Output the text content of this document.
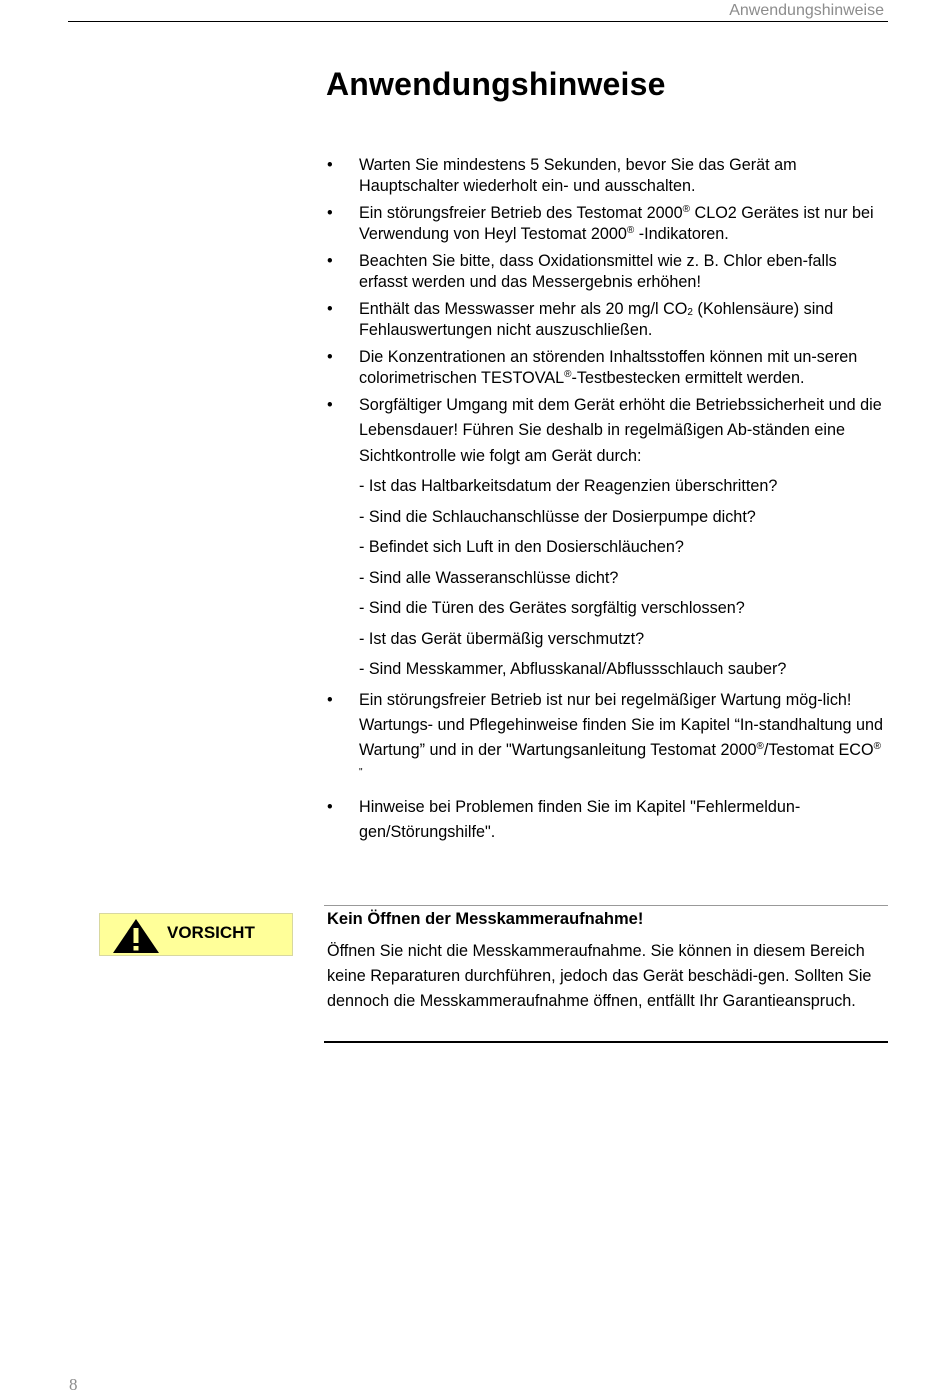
Anwendungshinweise
Anwendungshinweise
• Warten Sie mindestens 5 Sekunden, bevor Sie das Gerät am Hauptschalter wiederholt ein- und ausschalten.
• Ein störungsfreier Betrieb des Testomat 2000® CLO2 Gerätes ist nur bei Verwendung von Heyl Testomat 2000® -Indikatoren.
• Beachten Sie bitte, dass Oxidationsmittel wie z. B. Chlor eben-falls erfasst werden und das Messergebnis erhöhen!
• Enthält das Messwasser mehr als 20 mg/l $CO_2$ (Kohlensäure) sind Fehlauswertungen nicht auszuschließen.
• Die Konzentrationen an störenden Inhaltsstoffen können mit un-seren colorimetrischen TESTOVAL®-Testbestecken ermittelt werden.
• Sorgfältiger Umgang mit dem Gerät erhöht die Betriebssicherheit und die Lebensdauer! Führen Sie deshalb in regelmäßigen Ab-ständen eine Sichtkontrolle wie folgt am Gerät durch:
- Ist das Haltbarkeitsdatum der Reagenzien überschritten?
- Sind die Schlauchanschlüsse der Dosierpumpe dicht?
- Befindet sich Luft in den Dosierschläuchen?
- Sind alle Wasseranschlüsse dicht?
- Sind die Türen des Gerätes sorgfältig verschlossen?
- Ist das Gerät übermäßig verschmutzt?
- Sind Messkammer, Abflusskanal/Abflussschlauch sauber?
• Ein störungsfreier Betrieb ist nur bei regelmäßiger Wartung mög-lich! Wartungs- und Pflegehinweise finden Sie im Kapitel “In-standhaltung und Wartung” und in der "Wartungsanleitung Testomat 2000®/Testomat ECO® "
• Hinweise bei Problemen finden Sie im Kapitel "Fehlermeldun-gen/Störungshilfe".
VORSICHT
Kein Öffnen der Messkammeraufnahme!
Öffnen Sie nicht die Messkammeraufnahme. Sie können in diesem Bereich keine Reparaturen durchführen, jedoch das Gerät beschädi-gen. Sollten Sie dennoch die Messkammeraufnahme öffnen, entfällt Ihr Garantieanspruch.
8
